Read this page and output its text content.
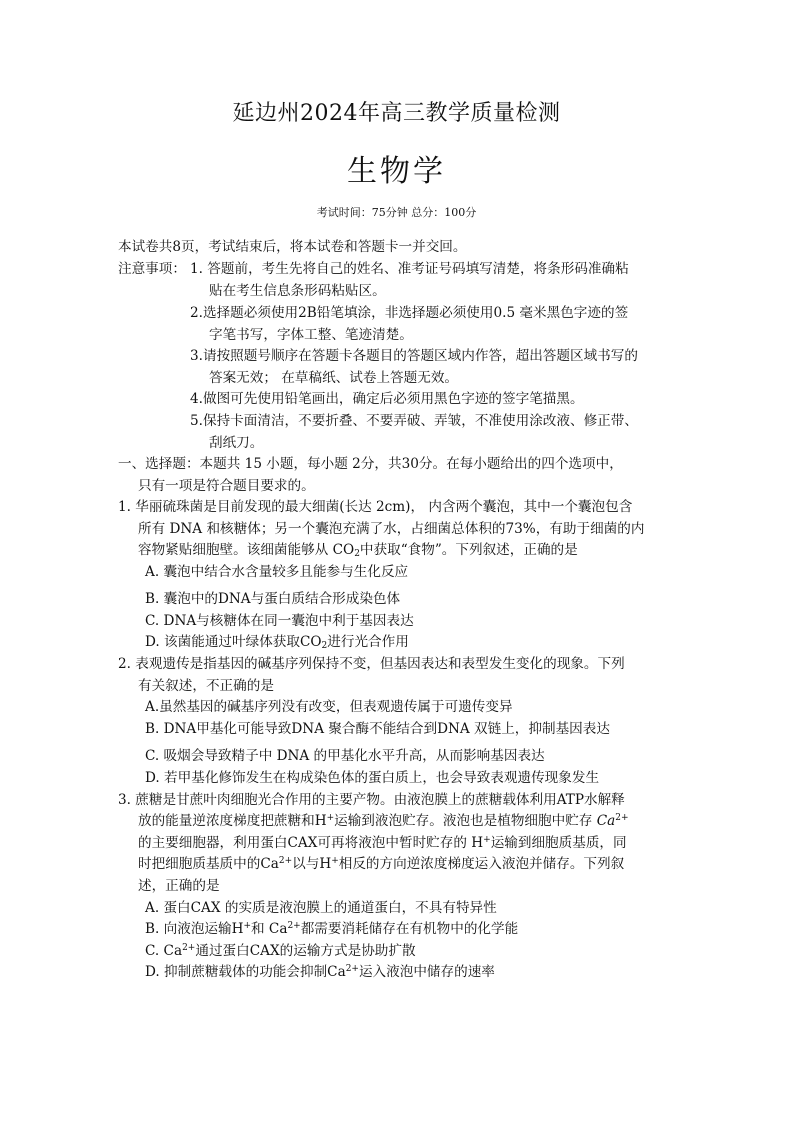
延边州2024年高三教学质量检测
生物学
考试时间：75分钟 总分：100分
本试卷共8页，考试结束后，将本试卷和答题卡一并交回。
注意事项： 1. 答题前，考生先将自己的姓名、准考证号码填写清楚，将条形码准确粘
贴在考生信息条形码粘贴区。
2.选择题必须使用2B铅笔填涂，非选择题必须使用0.5 毫米黑色字迹的签
字笔书写，字体工整、笔迹清楚。
3.请按照题号顺序在答题卡各题目的答题区域内作答，超出答题区域书写的
答案无效； 在草稿纸、试卷上答题无效。
4.做图可先使用铅笔画出，确定后必须用黑色字迹的签字笔描黑。
5.保持卡面清洁，不要折叠、不要弄破、弄皱，不准使用涂改液、修正带、
刮纸刀。
一、选择题：本题共 15 小题，每小题 2分，共30分。在每小题给出的四个选项中，
只有一项是符合题目要求的。
1. 华丽硫珠菌是目前发现的最大细菌(长达 2cm)， 内含两个囊泡，其中一个囊泡包含
所有 DNA 和核糖体；另一个囊泡充满了水，占细菌总体积的73%，有助于细菌的内
容物紧贴细胞壁。该细菌能够从 $CO_2$中获取“食物”。下列叙述，正确的是
A. 囊泡中结合水含量较多且能参与生化反应
B. 囊泡中的DNA与蛋白质结合形成染色体
C. DNA与核糖体在同一囊泡中利于基因表达
D. 该菌能通过叶绿体获取$CO_2$进行光合作用
2. 表观遗传是指基因的碱基序列保持不变，但基因表达和表型发生变化的现象。下列
有关叙述，不正确的是
A.虽然基因的碱基序列没有改变，但表观遗传属于可遗传变异
B. DNA甲基化可能导致DNA 聚合酶不能结合到DNA 双链上，抑制基因表达
C. 吸烟会导致精子中 DNA 的甲基化水平升高，从而影响基因表达
D. 若甲基化修饰发生在构成染色体的蛋白质上，也会导致表观遗传现象发生
3. 蔗糖是甘蔗叶肉细胞光合作用的主要产物。由液泡膜上的蔗糖载体利用ATP水解释
放的能量逆浓度梯度把蔗糖和H+运输到液泡贮存。液泡也是植物细胞中贮存 $Ca^{2+}$
的主要细胞器，利用蛋白CAX可再将液泡中暂时贮存的 H+运输到细胞质基质，同
时把细胞质基质中的$Ca^{2+}$以与H+相反的方向逆浓度梯度运入液泡并储存。下列叙
述，正确的是
A. 蛋白CAX 的实质是液泡膜上的通道蛋白，不具有特异性
B. 向液泡运输H+和 $Ca^{2+}$都需要消耗储存在有机物中的化学能
C. $Ca^{2+}$通过蛋白CAX的运输方式是协助扩散
D. 抑制蔗糖载体的功能会抑制$Ca^{2+}$运入液泡中储存的速率
